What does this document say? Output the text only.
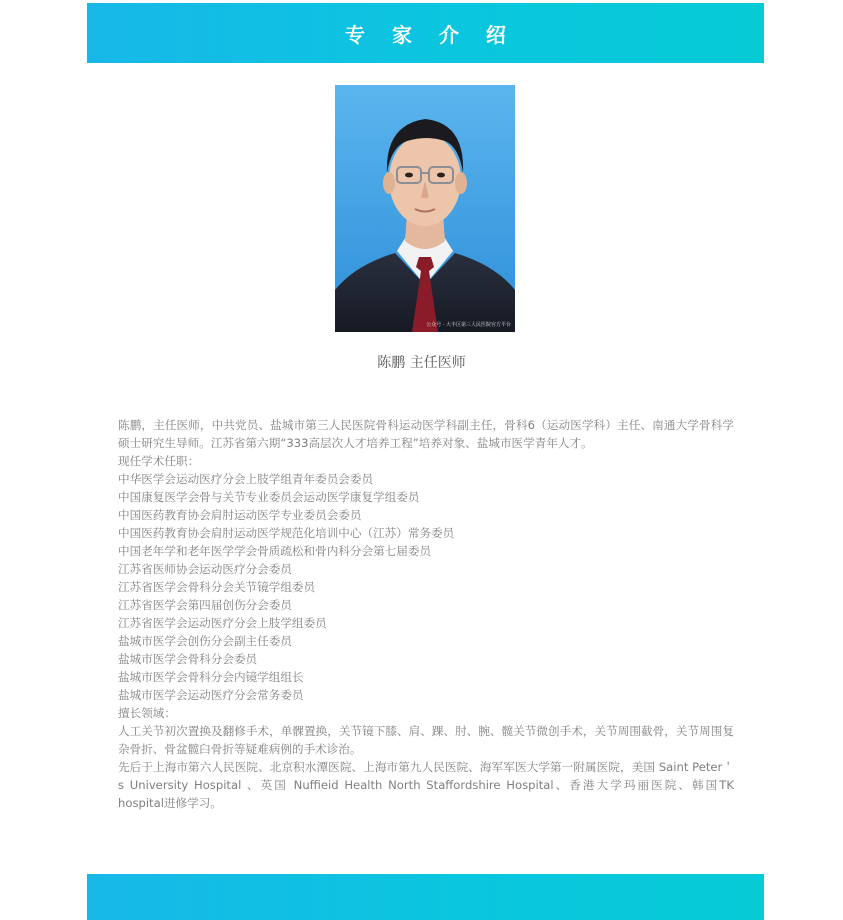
专 家 介 绍
公众号 · 大丰区第三人民医院官方平台
陈鹏 主任医师

陈鹏，主任医师，中共党员、盐城市第三人民医院骨科运动医学科副主任，骨科6（运动医学科）主任、南通大学骨科学硕士研究生导师。江苏省第六期“333高层次人才培养工程”培养对象、盐城市医学青年人才。

现任学术任职：

中华医学会运动医疗分会上肢学组青年委员会委员

中国康复医学会骨与关节专业委员会运动医学康复学组委员

中国医药教育协会肩肘运动医学专业委员会委员

中国医药教育协会肩肘运动医学规范化培训中心（江苏）常务委员

中国老年学和老年医学学会骨质疏松和骨内科分会第七届委员

江苏省医师协会运动医疗分会委员

江苏省医学会骨科分会关节镜学组委员

江苏省医学会第四届创伤分会委员

江苏省医学会运动医疗分会上肢学组委员

盐城市医学会创伤分会副主任委员

盐城市医学会骨科分会委员

盐城市医学会骨科分会内镜学组组长

盐城市医学会运动医疗分会常务委员

擅长领域：

人工关节初次置换及翻修手术，单髁置换，关节镜下膝、肩、踝、肘、腕、髋关节微创手术，关节周围截骨，关节周围复杂骨折、骨盆髋臼骨折等疑难病例的手术诊治。

先后于上海市第六人民医院、北京积水潭医院、上海市第九人民医院、海军军医大学第一附属医院，美国 Saint Peter＇s University Hospital 、英国 Nuffieid Health North Staffordshire Hospital、香港大学玛丽医院、韩国TK hospital进修学习。
